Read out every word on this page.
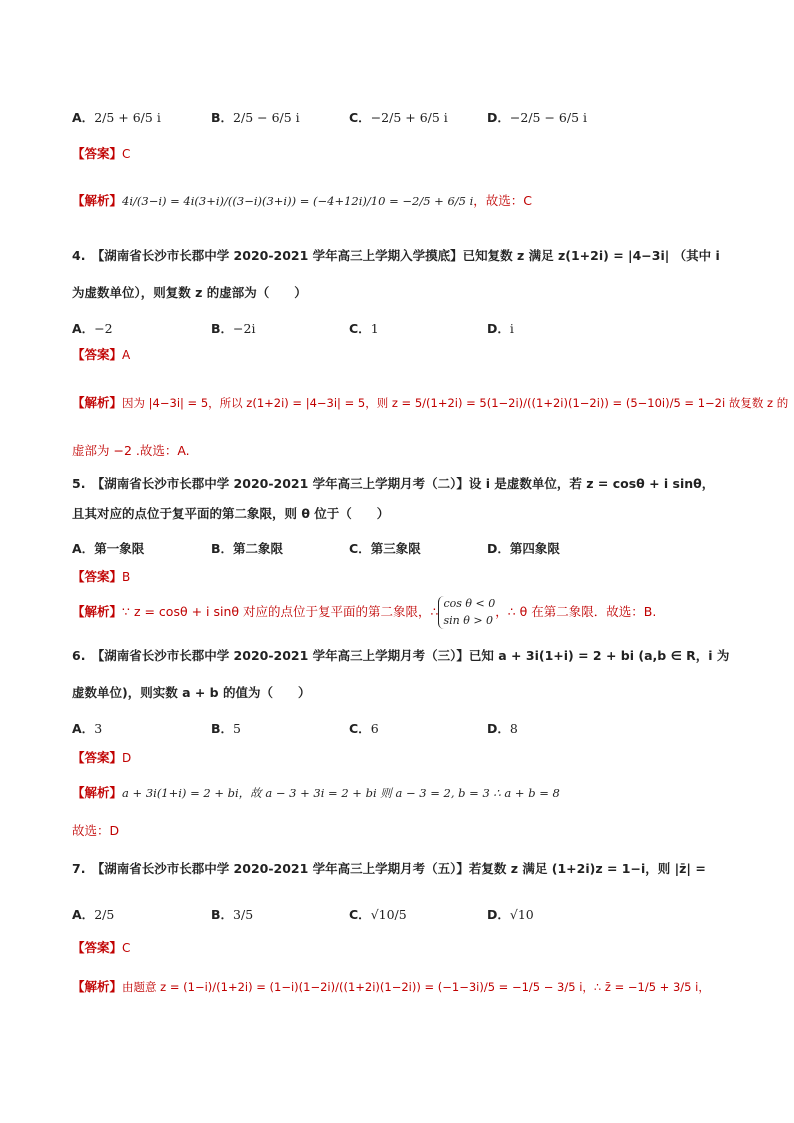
A．2/5 + 6/5 i	B．2/5 − 6/5 i	C．−2/5 + 6/5 i	D．−2/5 − 6/5 i
【答案】C
【解析】4i/(3−i) = 4i(3+i)/((3−i)(3+i)) = (−4+12i)/10 = −2/5 + 6/5 i，故选：C
4.　【湖南省长沙市长郡中学 2020-2021 学年高三上学期入学摸底】已知复数 z 满足 z(1+2i) = |4−3i| （其中 i
为虚数单位），则复数 z 的虚部为（　　）
A．−2	B．−2i	C．1	D．i
【答案】A
【解析】因为 |4−3i| = 5，所以 z(1+2i) = |4−3i| = 5，则 z = 5/(1+2i) = 5(1−2i)/((1+2i)(1−2i)) = (5−10i)/5 = 1−2i 故复数 z 的
虚部为 −2 .故选：A.
5.　【湖南省长沙市长郡中学 2020-2021 学年高三上学期月考（二）】设 i 是虚数单位，若 z = cosθ + i sinθ，
且其对应的点位于复平面的第二象限，则 θ 位于（　　）
A．第一象限	B．第二象限	C．第三象限	D．第四象限
【答案】B
【解析】∵ z = cosθ + i sinθ 对应的点位于复平面的第二象限，∴
cos θ < 0
sin θ > 0
，∴ θ 在第二象限．故选：B.
6.　【湖南省长沙市长郡中学 2020-2021 学年高三上学期月考（三）】已知 a + 3i(1+i) = 2 + bi (a,b ∈ R，i 为
虚数单位)，则实数 a + b 的值为（　　）
A．3	B．5	C．6	D．8
【答案】D
【解析】a + 3i(1+i) = 2 + bi，故 a − 3 + 3i = 2 + bi 则 a − 3 = 2, b = 3 ∴ a + b = 8
故选：D
7.　【湖南省长沙市长郡中学 2020-2021 学年高三上学期月考（五）】若复数 z 满足 (1+2i)z = 1−i，则 |z̄| =
A．2/5	B．3/5	C．√10/5	D．√10
【答案】C
【解析】由题意 z = (1−i)/(1+2i) = (1−i)(1−2i)/((1+2i)(1−2i)) = (−1−3i)/5 = −1/5 − 3/5 i，∴ z̄ = −1/5 + 3/5 i，
